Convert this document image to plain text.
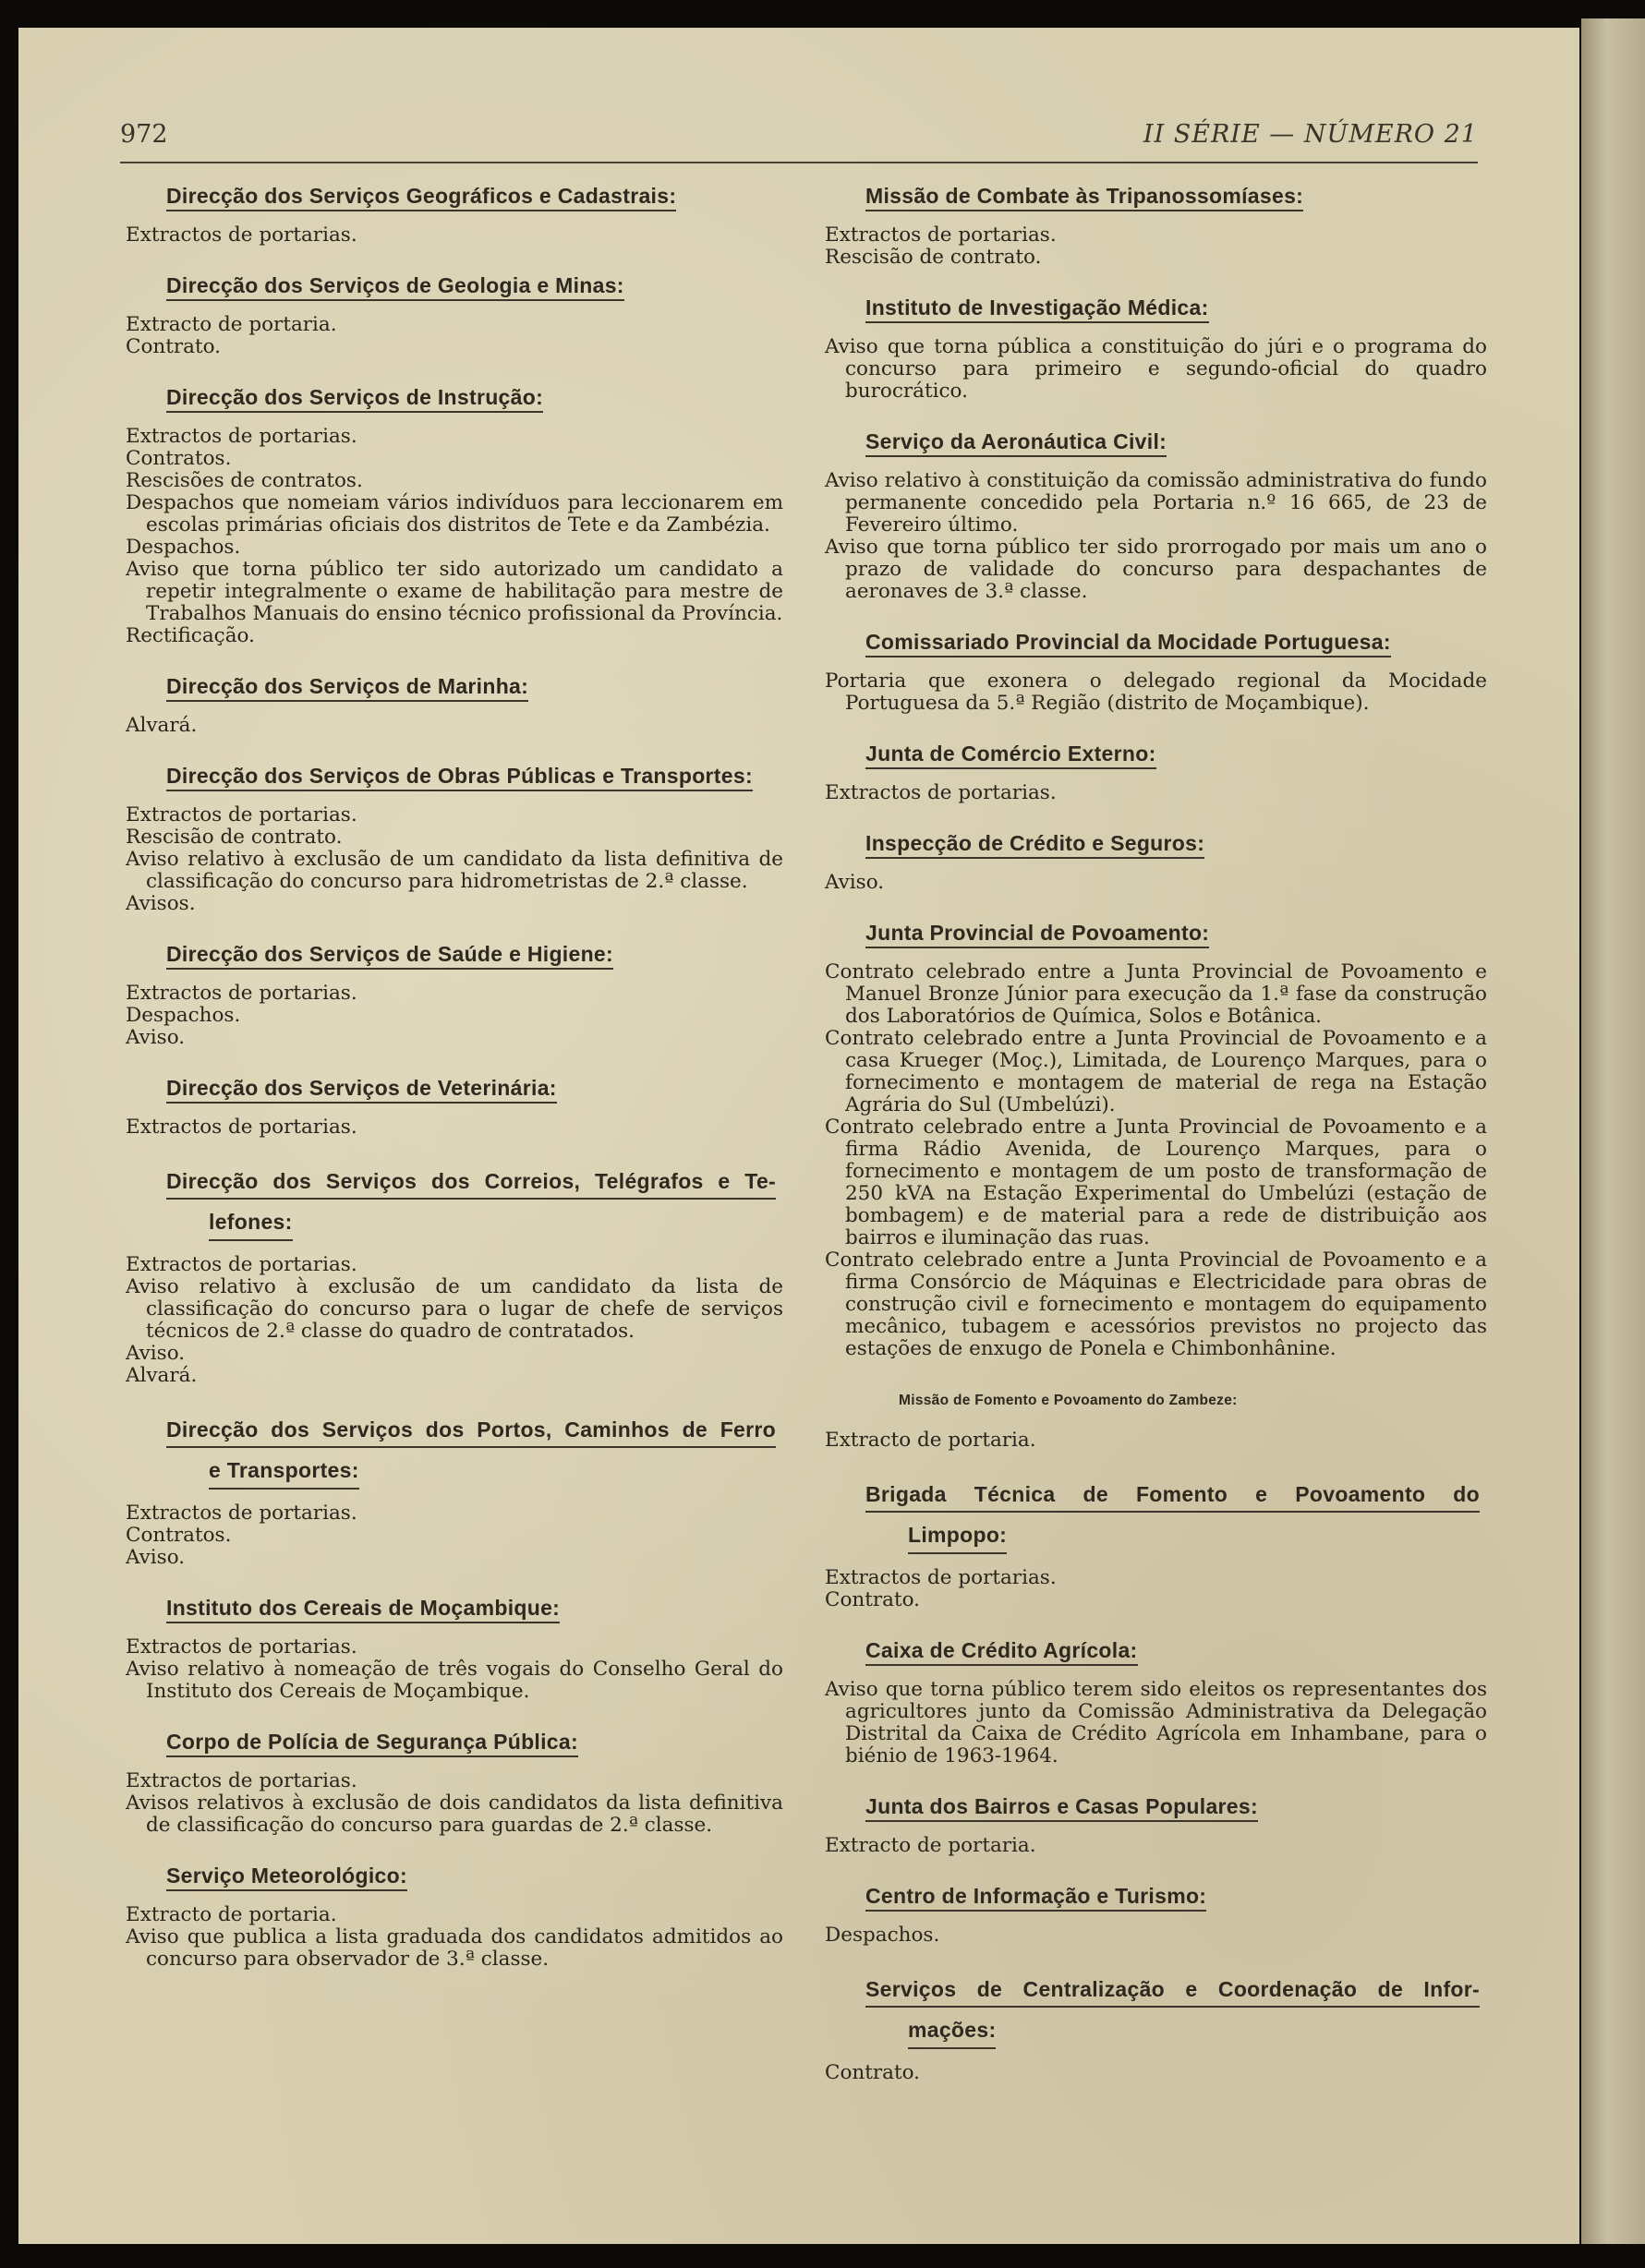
972	II SÉRIE — NÚMERO 21
Direcção dos Serviços Geográficos e Cadastrais:

Extractos de portarias.

Direcção dos Serviços de Geologia e Minas:

Extracto de portaria.

Contrato.

Direcção dos Serviços de Instrução:

Extractos de portarias.

Contratos.

Rescisões de contratos.

Despachos que nomeiam vários indivíduos para leccionarem em escolas primárias oficiais dos distritos de Tete e da Zambézia.

Despachos.

Aviso que torna público ter sido autorizado um candidato a repetir integralmente o exame de habilitação para mestre de Trabalhos Manuais do ensino técnico profissional da Província.

Rectificação.

Direcção dos Serviços de Marinha:

Alvará.

Direcção dos Serviços de Obras Públicas e Transportes:

Extractos de portarias.

Rescisão de contrato.

Aviso relativo à exclusão de um candidato da lista definitiva de classificação do concurso para hidrometristas de 2.ª classe.

Avisos.

Direcção dos Serviços de Saúde e Higiene:

Extractos de portarias.

Despachos.

Aviso.

Direcção dos Serviços de Veterinária:

Extractos de portarias.

Direcção dos Serviços dos Correios, Telégrafos e Te-
lefones:

Extractos de portarias.

Aviso relativo à exclusão de um candidato da lista de classificação do concurso para o lugar de chefe de serviços técnicos de 2.ª classe do quadro de contratados.

Aviso.

Alvará.

Direcção dos Serviços dos Portos, Caminhos de Ferro
e Transportes:

Extractos de portarias.

Contratos.

Aviso.

Instituto dos Cereais de Moçambique:

Extractos de portarias.

Aviso relativo à nomeação de três vogais do Conselho Geral do Instituto dos Cereais de Moçambique.

Corpo de Polícia de Segurança Pública:

Extractos de portarias.

Avisos relativos à exclusão de dois candidatos da lista definitiva de classificação do concurso para guardas de 2.ª classe.

Serviço Meteorológico:

Extracto de portaria.

Aviso que publica a lista graduada dos candidatos admitidos ao concurso para observador de 3.ª classe.

Missão de Combate às Tripanossomíases:

Extractos de portarias.

Rescisão de contrato.

Instituto de Investigação Médica:

Aviso que torna pública a constituição do júri e o programa do concurso para primeiro e segundo-oficial do quadro burocrático.

Serviço da Aeronáutica Civil:

Aviso relativo à constituição da comissão administrativa do fundo permanente concedido pela Portaria n.º 16 665, de 23 de Fevereiro último.

Aviso que torna público ter sido prorrogado por mais um ano o prazo de validade do concurso para despachantes de aeronaves de 3.ª classe.

Comissariado Provincial da Mocidade Portuguesa:

Portaria que exonera o delegado regional da Mocidade Portuguesa da 5.ª Região (distrito de Moçambique).

Junta de Comércio Externo:

Extractos de portarias.

Inspecção de Crédito e Seguros:

Aviso.

Junta Provincial de Povoamento:

Contrato celebrado entre a Junta Provincial de Povoamento e Manuel Bronze Júnior para execução da 1.ª fase da construção dos Laboratórios de Química, Solos e Botânica.

Contrato celebrado entre a Junta Provincial de Povoamento e a casa Krueger (Moç.), Limitada, de Lourenço Marques, para o fornecimento e montagem de material de rega na Estação Agrária do Sul (Umbelúzi).

Contrato celebrado entre a Junta Provincial de Povoamento e a firma Rádio Avenida, de Lourenço Marques, para o fornecimento e montagem de um posto de transformação de 250 kVA na Estação Experimental do Umbelúzi (estação de bombagem) e de material para a rede de distribuição aos bairros e iluminação das ruas.

Contrato celebrado entre a Junta Provincial de Povoamento e a firma Consórcio de Máquinas e Electricidade para obras de construção civil e fornecimento e montagem do equipamento mecânico, tubagem e acessórios previstos no projecto das estações de enxugo de Ponela e Chimbonhânine.

Missão de Fomento e Povoamento do Zambeze:

Extracto de portaria.

Brigada Técnica de Fomento e Povoamento do
Limpopo:

Extractos de portarias.

Contrato.

Caixa de Crédito Agrícola:

Aviso que torna público terem sido eleitos os representantes dos agricultores junto da Comissão Administrativa da Delegação Distrital da Caixa de Crédito Agrícola em Inhambane, para o biénio de 1963-1964.

Junta dos Bairros e Casas Populares:

Extracto de portaria.

Centro de Informação e Turismo:

Despachos.

Serviços de Centralização e Coordenação de Infor-
mações:

Contrato.
